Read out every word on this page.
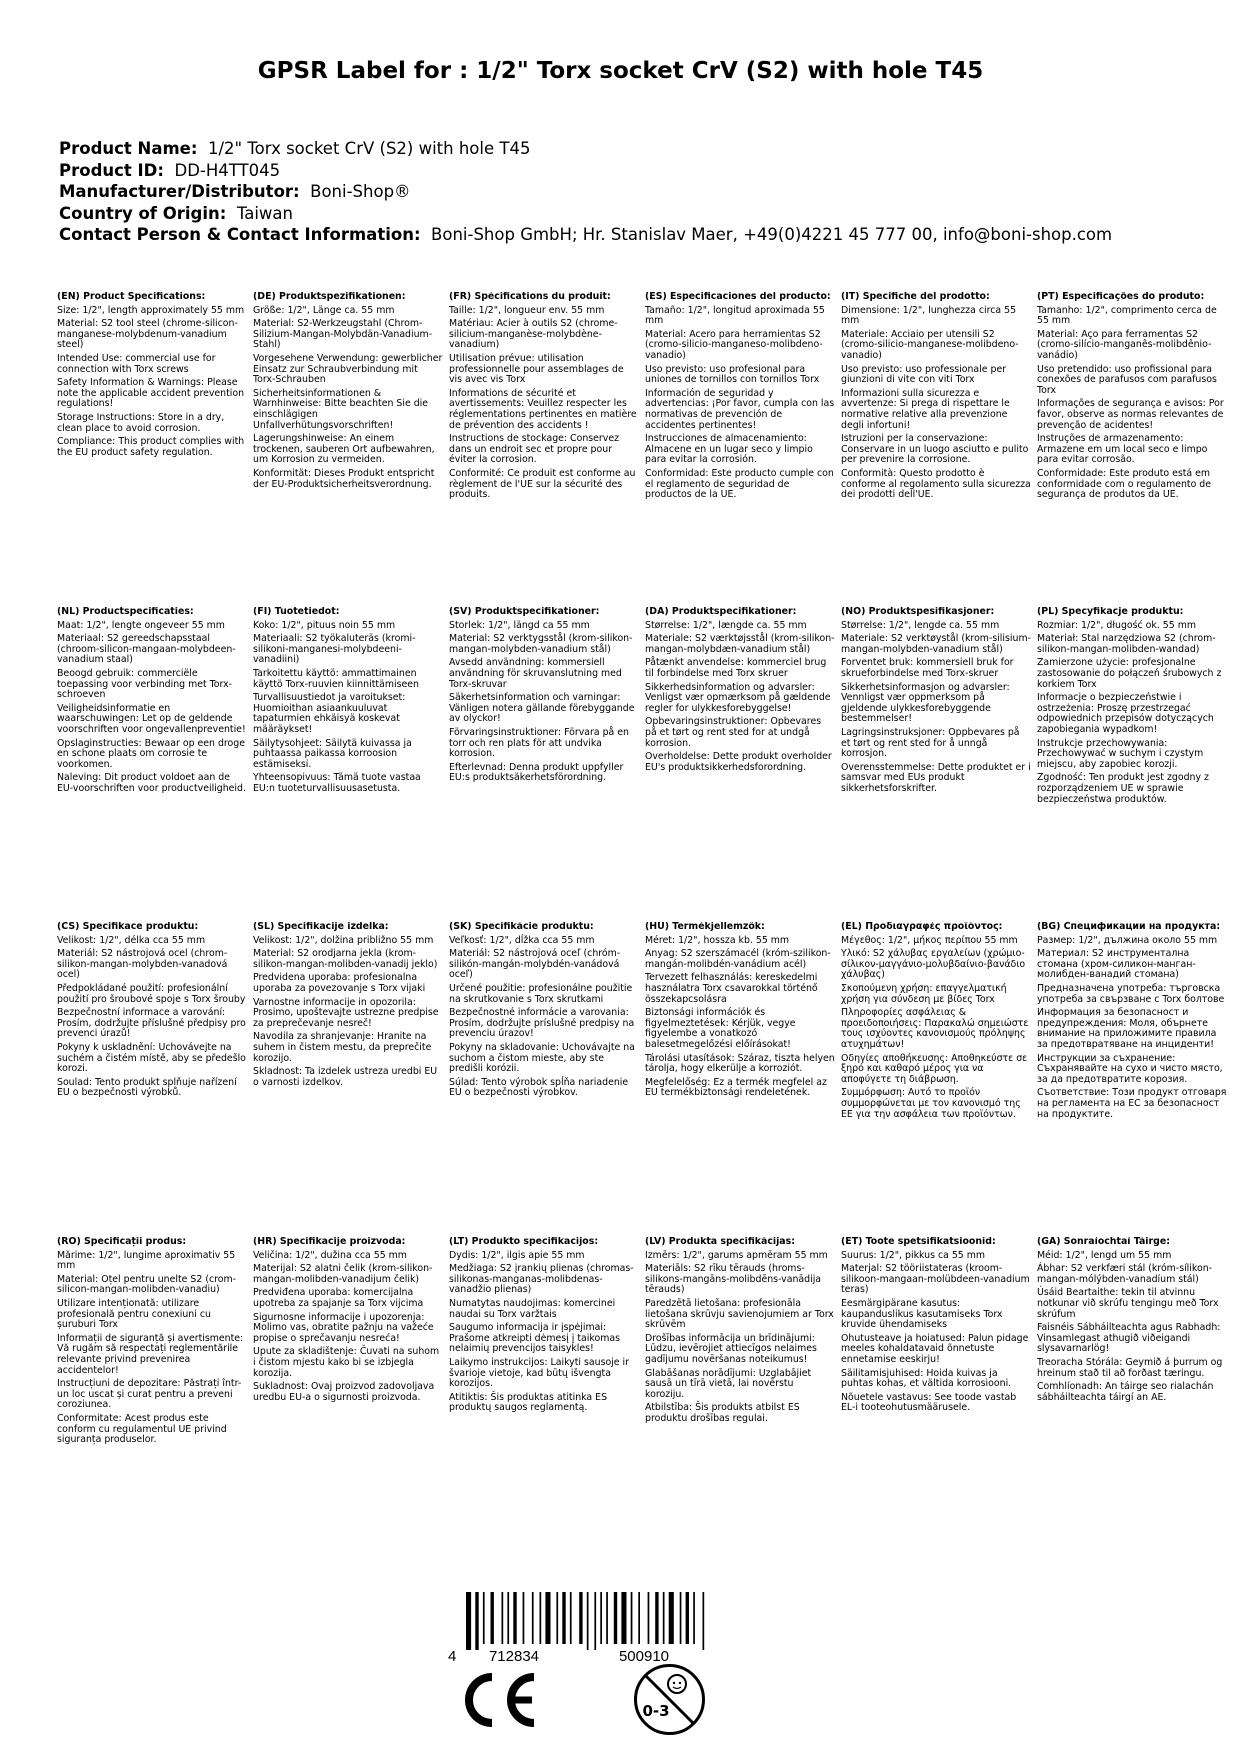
GPSR Label for : 1/2" Torx socket CrV (S2) with hole T45
Product Name: 1/2" Torx socket CrV (S2) with hole T45
Product ID: DD-H4TT045
Manufacturer/Distributor: Boni-Shop®
Country of Origin: Taiwan
Contact Person & Contact Information: Boni-Shop GmbH; Hr. Stanislav Maer, +49(0)4221 45 777 00, info@boni-shop.com
(EN) Product Specifications:
Size: 1/2", length approximately 55 mm
Material: S2 tool steel (chrome-silicon-manganese-molybdenum-vanadium steel)
Intended Use: commercial use for connection with Torx screws
Safety Information & Warnings: Please note the applicable accident prevention regulations!
Storage Instructions: Store in a dry, clean place to avoid corrosion.
Compliance: This product complies with the EU product safety regulation.
(DE) Produktspezifikationen:
Größe: 1/2", Länge ca. 55 mm
Material: S2-Werkzeugstahl (Chrom-Silizium-Mangan-Molybdän-Vanadium-Stahl)
Vorgesehene Verwendung: gewerblicher Einsatz zur Schraubverbindung mit Torx-Schrauben
Sicherheitsinformationen & Warnhinweise: Bitte beachten Sie die einschlägigen Unfallverhütungsvorschriften!
Lagerungshinweise: An einem trockenen, sauberen Ort aufbewahren, um Korrosion zu vermeiden.
Konformität: Dieses Produkt entspricht der EU-Produktsicherheitsverordnung.
(FR) Spécifications du produit:
Taille: 1/2", longueur env. 55 mm
Matériau: Acier à outils S2 (chrome-silicium-manganèse-molybdène-vanadium)
Utilisation prévue: utilisation professionnelle pour assemblages de vis avec vis Torx
Informations de sécurité et avertissements: Veuillez respecter les réglementations pertinentes en matière de prévention des accidents !
Instructions de stockage: Conservez dans un endroit sec et propre pour éviter la corrosion.
Conformité: Ce produit est conforme au règlement de l'UE sur la sécurité des produits.
(ES) Especificaciones del producto:
Tamaño: 1/2", longitud aproximada 55 mm
Material: Acero para herramientas S2 (cromo-silicio-manganeso-molibdeno-vanadio)
Uso previsto: uso profesional para uniones de tornillos con tornillos Torx
Información de seguridad y advertencias: ¡Por favor, cumpla con las normativas de prevención de accidentes pertinentes!
Instrucciones de almacenamiento: Almacene en un lugar seco y limpio para evitar la corrosión.
Conformidad: Este producto cumple con el reglamento de seguridad de productos de la UE.
(IT) Specifiche del prodotto:
Dimensione: 1/2", lunghezza circa 55 mm
Materiale: Acciaio per utensili S2 (cromo-silicio-manganese-molibdeno-vanadio)
Uso previsto: uso professionale per giunzioni di vite con viti Torx
Informazioni sulla sicurezza e avvertenze: Si prega di rispettare le normative relative alla prevenzione degli infortuni!
Istruzioni per la conservazione: Conservare in un luogo asciutto e pulito per prevenire la corrosione.
Conformità: Questo prodotto è conforme al regolamento sulla sicurezza dei prodotti dell'UE.
(PT) Especificações do produto:
Tamanho: 1/2", comprimento cerca de 55 mm
Material: Aço para ferramentas S2 (cromo-silício-manganês-molibdênio-vanádio)
Uso pretendido: uso profissional para conexões de parafusos com parafusos Torx
Informações de segurança e avisos: Por favor, observe as normas relevantes de prevenção de acidentes!
Instruções de armazenamento: Armazene em um local seco e limpo para evitar corrosão.
Conformidade: Este produto está em conformidade com o regulamento de segurança de produtos da UE.
(NL) Productspecificaties:
Maat: 1/2", lengte ongeveer 55 mm
Materiaal: S2 gereedschapsstaal (chroom-silicon-mangaan-molybdeen-vanadium staal)
Beoogd gebruik: commerciële toepassing voor verbinding met Torx-schroeven
Veiligheidsinformatie en waarschuwingen: Let op de geldende voorschriften voor ongevallenpreventie!
Opslaginstructies: Bewaar op een droge en schone plaats om corrosie te voorkomen.
Naleving: Dit product voldoet aan de EU-voorschriften voor productveiligheid.
(FI) Tuotetiedot:
Koko: 1/2", pituus noin 55 mm
Materiaali: S2 työkaluteräs (kromi-silikoni-manganesi-molybdeeni-vanadiini)
Tarkoitettu käyttö: ammattimainen käyttö Torx-ruuvien kiinnittämiseen
Turvallisuustiedot ja varoitukset: Huomioithan asiaankuuluvat tapaturmien ehkäisyä koskevat määräykset!
Säilytysohjeet: Säilytä kuivassa ja puhtaassa paikassa korroosion estämiseksi.
Yhteensopivuus: Tämä tuote vastaa EU:n tuoteturvallisuusasetusta.
(SV) Produktspecifikationer:
Storlek: 1/2", längd ca 55 mm
Material: S2 verktygsstål (krom-silikon-mangan-molybden-vanadium stål)
Avsedd användning: kommersiell användning för skruvanslutning med Torx-skruvar
Säkerhetsinformation och varningar: Vänligen notera gällande förebyggande av olyckor!
Förvaringsinstruktioner: Förvara på en torr och ren plats för att undvika korrosion.
Efterlevnad: Denna produkt uppfyller EU:s produktsäkerhetsförordning.
(DA) Produktspecifikationer:
Størrelse: 1/2", længde ca. 55 mm
Materiale: S2 værktøjsstål (krom-silikon-mangan-molybdæn-vanadium stål)
Påtænkt anvendelse: kommerciel brug til forbindelse med Torx skruer
Sikkerhedsinformation og advarsler: Venligst vær opmærksom på gældende regler for ulykkesforebyggelse!
Opbevaringsinstruktioner: Opbevares på et tørt og rent sted for at undgå korrosion.
Overholdelse: Dette produkt overholder EU's produktsikkerhedsforordning.
(NO) Produktspesifikasjoner:
Størrelse: 1/2", lengde ca. 55 mm
Materiale: S2 verktøystål (krom-silisium-mangan-molybden-vanadium stål)
Forventet bruk: kommersiell bruk for skrueforbindelse med Torx-skruer
Sikkerhetsinformasjon og advarsler: Vennligst vær oppmerksom på gjeldende ulykkesforebyggende bestemmelser!
Lagringsinstruksjoner: Oppbevares på et tørt og rent sted for å unngå korrosjon.
Overensstemmelse: Dette produktet er i samsvar med EUs produkt sikkerhetsforskrifter.
(PL) Specyfikacje produktu:
Rozmiar: 1/2", długość ok. 55 mm
Materiał: Stal narzędziowa S2 (chrom-silikon-mangan-molibden-wandad)
Zamierzone użycie: profesjonalne zastosowanie do połączeń śrubowych z korkiem Torx
Informacje o bezpieczeństwie i ostrzeżenia: Proszę przestrzegać odpowiednich przepisów dotyczących zapobiegania wypadkom!
Instrukcje przechowywania: Przechowywać w suchym i czystym miejscu, aby zapobiec korozji.
Zgodność: Ten produkt jest zgodny z rozporządzeniem UE w sprawie bezpieczeństwa produktów.
(CS) Specifikace produktu:
Velikost: 1/2", délka cca 55 mm
Materiál: S2 nástrojová ocel (chrom-silikon-mangan-molybden-vanadová ocel)
Předpokládané použití: profesionální použití pro šroubové spoje s Torx šrouby
Bezpečnostní informace a varování: Prosím, dodržujte příslušné předpisy pro prevenci úrazů!
Pokyny k uskladnění: Uchovávejte na suchém a čistém místě, aby se předešlo korozi.
Soulad: Tento produkt splňuje nařízení EU o bezpečnosti výrobků.
(SL) Specifikacije izdelka:
Velikost: 1/2", dolžina približno 55 mm
Material: S2 orodjarna jekla (krom-silikon-mangan-molibden-vanadij jeklo)
Predvidena uporaba: profesionalna uporaba za povezovanje s Torx vijaki
Varnostne informacije in opozorila: Prosimo, upoštevajte ustrezne predpise za preprečevanje nesreč!
Navodila za shranjevanje: Hranite na suhem in čistem mestu, da preprečite korozijo.
Skladnost: Ta izdelek ustreza uredbi EU o varnosti izdelkov.
(SK) Špecifikácie produktu:
Veľkosť: 1/2", dĺžka cca 55 mm
Materiál: S2 nástrojová oceľ (chróm-silikón-mangán-molybdén-vanádová oceľ)
Určené použitie: profesionálne použitie na skrutkovanie s Torx skrutkami
Bezpečnostné informácie a varovania: Prosím, dodržujte príslušné predpisy na prevenciu úrazov!
Pokyny na skladovanie: Uchovávajte na suchom a čistom mieste, aby ste predišli korózii.
Súlad: Tento výrobok spĺňa nariadenie EÚ o bezpečnosti výrobkov.
(HU) Termékjellemzők:
Méret: 1/2", hossza kb. 55 mm
Anyag: S2 szerszámacél (króm-szilikon-mangán-molibdén-vanádium acél)
Tervezett felhasználás: kereskedelmi használatra Torx csavarokkal történő összekapcsolásra
Biztonsági információk és figyelmeztetések: Kérjük, vegye figyelembe a vonatkozó balesetmegelőzési előírásokat!
Tárolási utasítások: Száraz, tiszta helyen tárolja, hogy elkerülje a korroziót.
Megfelelőség: Ez a termék megfelel az EU termékbiztonsági rendeletének.
(EL) Προδιαγραφές προϊόντος:
Μέγεθος: 1/2", μήκος περίπου 55 mm
Υλικό: S2 χάλυβας εργαλείων (χρώμιο-σίλικον-μαγγάνιο-μολυβδαίνιο-βανάδιο χάλυβας)
Σκοπούμενη χρήση: επαγγελματική χρήση για σύνδεση με βίδες Torx
Πληροφορίες ασφάλειας & προειδοποιήσεις: Παρακαλώ σημειώστε τους ισχύοντες κανονισμούς πρόληψης ατυχημάτων!
Οδηγίες αποθήκευσης: Αποθηκεύστε σε ξηρό και καθαρό μέρος για να αποφύγετε τη διάβρωση.
Συμμόρφωση: Αυτό το προϊόν συμμορφώνεται με τον κανονισμό της ΕΕ για την ασφάλεια των προϊόντων.
(BG) Спецификации на продукта:
Размер: 1/2", дължина около 55 mm
Материал: S2 инструментална стомана (хром-силикон-манган-молибден-ванадий стомана)
Предназначена употреба: търговска употреба за свързване с Torx болтове
Информация за безопасност и предупреждения: Моля, обърнете внимание на приложимите правила за предотвратяване на инциденти!
Инструкции за съхранение: Съхранявайте на сухо и чисто място, за да предотвратите корозия.
Съответствие: Този продукт отговаря на регламента на ЕС за безопасност на продуктите.
(RO) Specificații produs:
Mărime: 1/2", lungime aproximativ 55 mm
Material: Oțel pentru unelte S2 (crom-silicon-mangan-molibden-vanadiu)
Utilizare intenționată: utilizare profesională pentru conexiuni cu șuruburi Torx
Informații de siguranță și avertismente: Vă rugăm să respectați reglementările relevante privind prevenirea accidentelor!
Instrucțiuni de depozitare: Păstrați într-un loc uscat și curat pentru a preveni coroziunea.
Conformitate: Acest produs este conform cu regulamentul UE privind siguranța produselor.
(HR) Specifikacije proizvoda:
Veličina: 1/2", dužina cca 55 mm
Materijal: S2 alatni čelik (krom-silikon-mangan-molibden-vanadijum čelik)
Predviđena uporaba: komercijalna upotreba za spajanje sa Torx vijcima
Sigurnosne informacije i upozorenja: Molimo vas, obratite pažnju na važeće propise o sprečavanju nesreća!
Upute za skladištenje: Čuvati na suhom i čistom mjestu kako bi se izbjegla korozija.
Sukladnost: Ovaj proizvod zadovoljava uredbu EU-a o sigurnosti proizvoda.
(LT) Produkto specifikacijos:
Dydis: 1/2", ilgis apie 55 mm
Medžiaga: S2 įrankių plienas (chromas-silikonas-manganas-molibdenas-vanadžio plienas)
Numatytas naudojimas: komercinei naudai su Torx varžtais
Saugumo informacija ir įspėjimai: Prašome atkreipti dėmesį į taikomas nelaimių prevencijos taisykles!
Laikymo instrukcijos: Laikyti sausoje ir švarioje vietoje, kad būtų išvengta korozijos.
Atitiktis: Šis produktas atitinka ES produktų saugos reglamentą.
(LV) Produkta specifikācijas:
Izmērs: 1/2", garums apmēram 55 mm
Materiāls: S2 rīku tērauds (hroms-silikons-mangāns-molibdēns-vanādija tērauds)
Paredzētā lietošana: profesionāla lietošana skrūvju savienojumiem ar Torx skrūvēm
Drošības informācija un brīdinājumi: Lūdzu, ievērojiet attiecīgos nelaimes gadījumu novēršanas noteikumus!
Glabāšanas norādījumi: Uzglabājiet sausā un tīrā vietā, lai novērstu koroziju.
Atbilstība: Šis produkts atbilst ES produktu drošības regulai.
(ET) Toote spetsifikatsioonid:
Suurus: 1/2", pikkus ca 55 mm
Materjal: S2 tööriistateras (kroom-silikoon-mangaan-molübdeen-vanadium teras)
Eesmärgipärane kasutus: kaupanduslikus kasutamiseks Torx kruvide ühendamiseks
Ohutusteave ja hoiatused: Palun pidage meeles kohaldatavaid õnnetuste ennetamise eeskirju!
Säilitamisjuhised: Hoida kuivas ja puhtas kohas, et vältida korrosiooni.
Nõuetele vastavus: See toode vastab EL-i tooteohutusmäärusele.
(GA) Sonraíochtaí Táirge:
Méid: 1/2", lengd um 55 mm
Ábhar: S2 verkfæri stál (króm-sílikon-mangan-mólýbden-vanadíum stál)
Úsáid Beartaithe: tekin til atvinnu notkunar við skrúfu tengingu með Torx skrúfum
Faisnéis Sábháilteachta agus Rabhadh: Vinsamlegast athugið viðeigandi slysavarnarlög!
Treoracha Stórála: Geymið á þurrum og hreinum stað til að forðast tæringu.
Comhlíonadh: An táirge seo rialachán sábháilteachta táirgí an AE.
4 712834	500910
0-3
